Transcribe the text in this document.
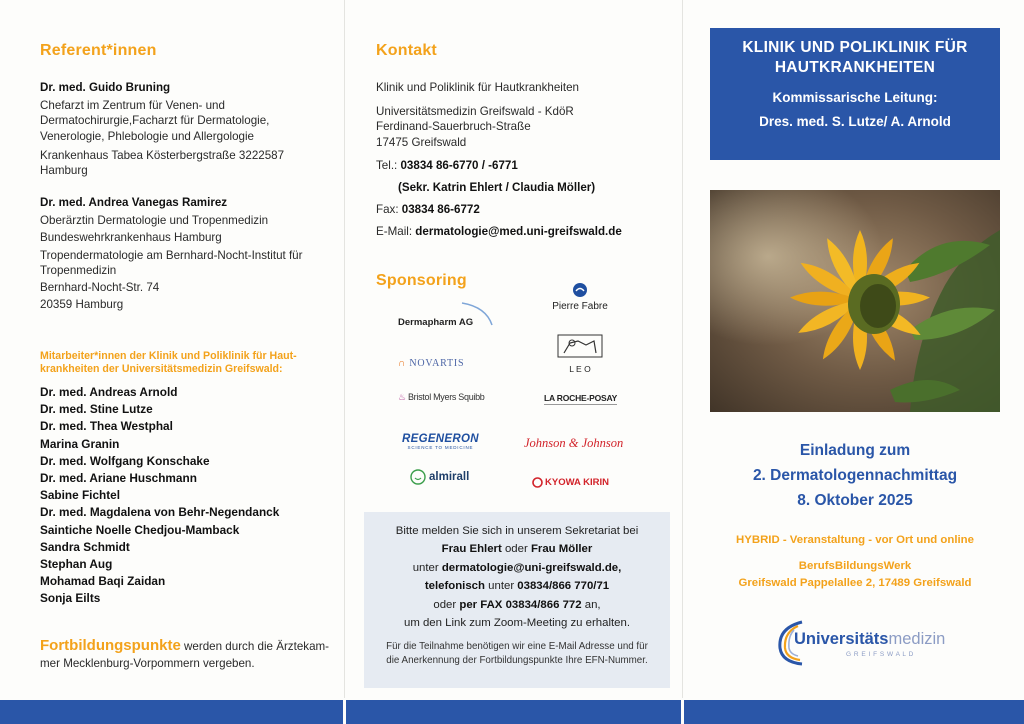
Referent*innen
Dr. med. Guido Bruning
Chefarzt im Zentrum für Venen- und
Dermatochirurgie,Facharzt für Dermatologie,
Venerologie, Phlebologie und Allergologie
Krankenhaus Tabea Kösterbergstraße 3222587
Hamburg
Dr. med. Andrea Vanegas Ramirez
Oberärztin Dermatologie und Tropenmedizin
Bundeswehrkrankenhaus Hamburg
Tropendermatologie am Bernhard-Nocht-Institut für
Tropenmedizin
Bernhard-Nocht-Str. 74
20359 Hamburg
Mitarbeiter*innen der Klinik und Poliklinik für Haut-
krankheiten der Universitätsmedizin Greifswald:
Dr. med. Andreas Arnold
Dr. med. Stine Lutze
Dr. med. Thea Westphal
Marina Granin
Dr. med. Wolfgang Konschake
Dr. med. Ariane Huschmann
Sabine Fichtel
Dr. med. Magdalena von Behr-Negendanck
Saintiche Noelle Chedjou-Mamback
Sandra Schmidt
Stephan Aug
Mohamad Baqi Zaidan
Sonja Eilts
Fortbildungspunkte werden durch die Ärztekam-
mer Mecklenburg-Vorpommern vergeben.
Kontakt

Klinik und Poliklinik für Hautkrankheiten

Universitätsmedizin Greifswald - KdöR
Ferdinand-Sauerbruch-Straße
17475 Greifswald

Tel.: 03834 86-6770 / -6771

(Sekr. Katrin Ehlert / Claudia Möller)

Fax: 03834 86-6772

E-Mail: dermatologie@med.uni-greifswald.de

Sponsoring
Pierre Fabre
Dermapharm AG
L E O
∩ NOVARTIS
♨ Bristol Myers Squibb	LA ROCHE-POSAY
REGENERON
SCIENCE TO MEDICINE	Johnson & Johnson
almirall	KYOWA KIRIN
Bitte melden Sie sich in unserem Sekretariat bei
Frau Ehlert oder Frau Möller
unter dermatologie@uni-greifswald.de,
telefonisch unter 03834/866 770/71
oder per FAX 03834/866 772 an,
um den Link zum Zoom-Meeting zu erhalten.
Für die Teilnahme benötigen wir eine E-Mail Adresse und für
die Anerkennung der Fortbildungspunkte Ihre EFN-Nummer.
KLINIK UND POLIKLINIK FÜR
HAUTKRANKHEITEN
Kommissarische Leitung:
Dres. med. S. Lutze/ A. Arnold
Einladung zum
2. Dermatologennachmittag
8. Oktober 2025
HYBRID - Veranstaltung - vor Ort und online
BerufsBildungsWerk
Greifswald Pappelallee 2, 17489 Greifswald
Universitätsmedizin
G R E I F S W A L D
